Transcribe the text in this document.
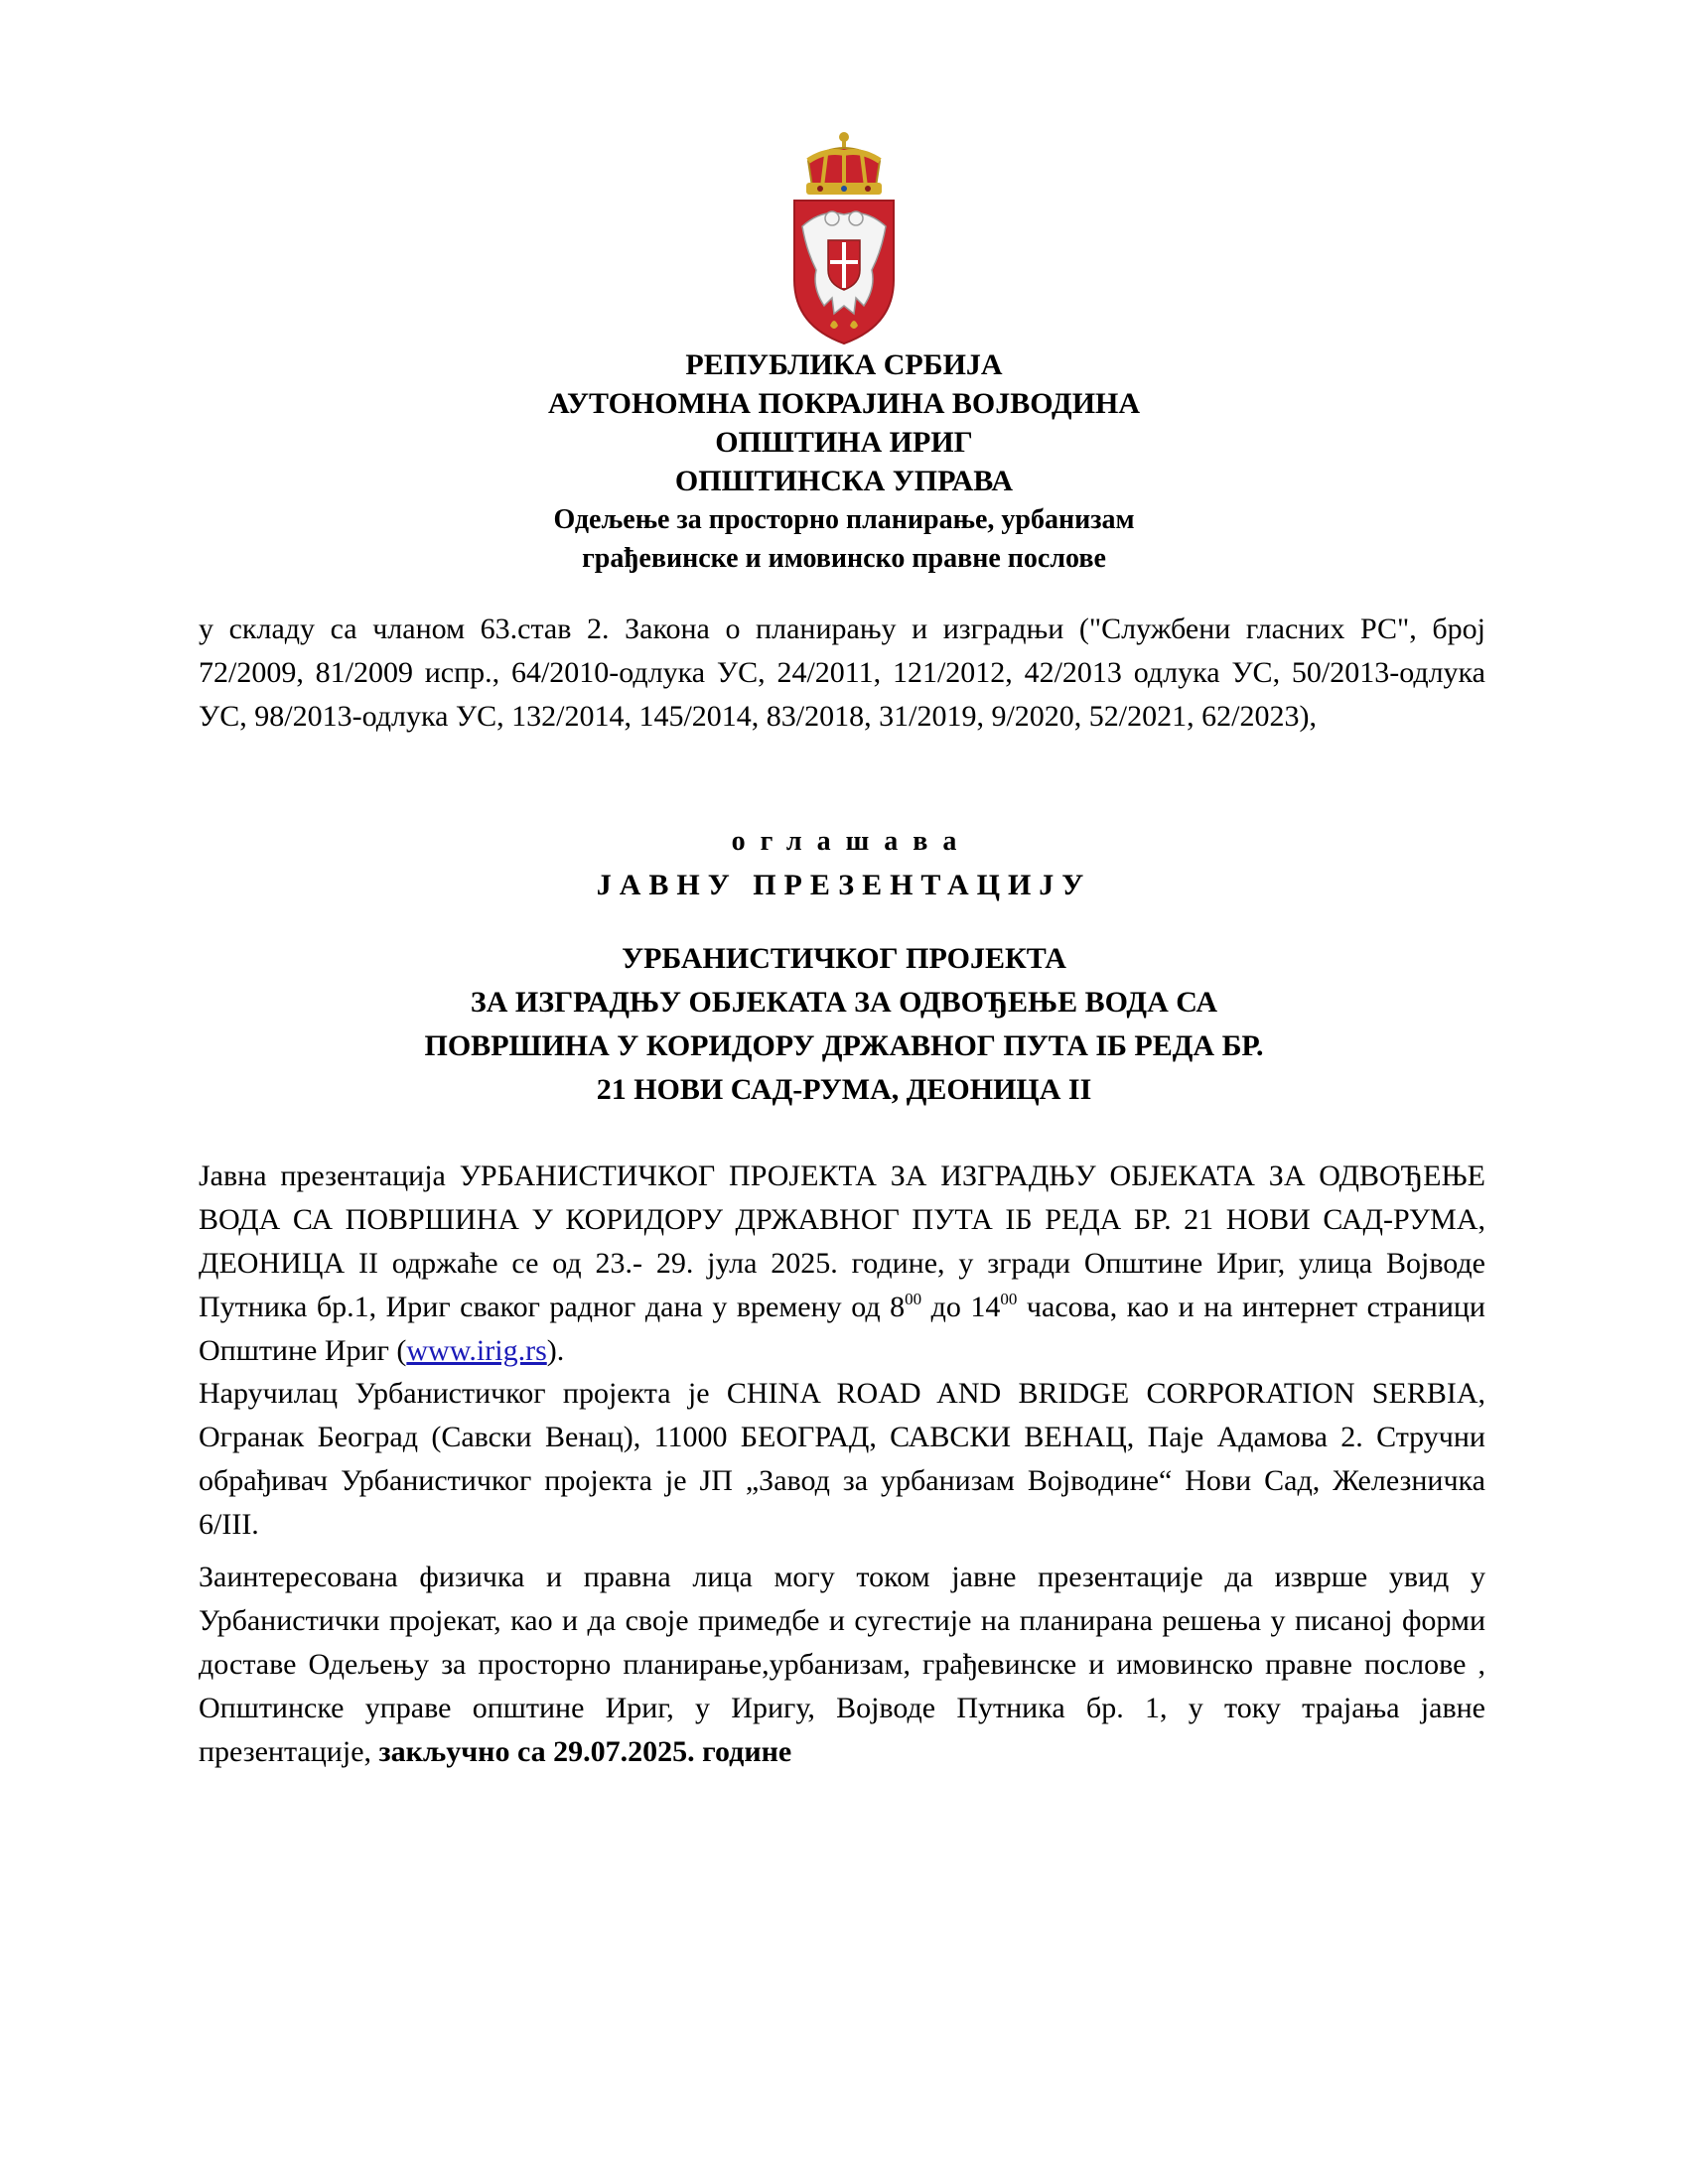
РЕПУБЛИКА СРБИЈА
АУТОНОМНА ПОКРАЈИНА ВОЈВОДИНА
ОПШТИНА ИРИГ
ОПШТИНСКА УПРАВА
Одељење за просторно планирање, урбанизам
грађевинске и имовинско правне послове
у складу са чланом 63.став 2. Закона о планирању и изградњи ("Службени гласних РС", број 72/2009, 81/2009 испр., 64/2010-одлука УС, 24/2011, 121/2012, 42/2013 одлука УС, 50/2013-одлука УС, 98/2013-одлука УС, 132/2014, 145/2014, 83/2018, 31/2019, 9/2020, 52/2021, 62/2023),
оглашава
ЈАВНУ ПРЕЗЕНТАЦИЈУ
УРБАНИСТИЧКОГ ПРОЈЕКТА
ЗА ИЗГРАДЊУ ОБЈЕКАТА ЗА ОДВОЂЕЊЕ ВОДА СА
ПОВРШИНА У КОРИДОРУ ДРЖАВНОГ ПУТА IБ РЕДА БР.
21 НОВИ САД-РУМА, ДЕОНИЦА II
Јавна презентација УРБАНИСТИЧКОГ ПРОЈЕКТА ЗА ИЗГРАДЊУ ОБЈЕКАТА ЗА ОДВОЂЕЊЕ ВОДА СА ПОВРШИНА У КОРИДОРУ ДРЖАВНОГ ПУТА IБ РЕДА БР. 21 НОВИ САД-РУМА, ДЕОНИЦА II одржаће се од 23.- 29. јула 2025. године, у згради Општине Ириг, улица Војводе Путника бр.1, Ириг сваког радног дана у времену од $8^{00}$ до $14^{00}$ часова, као и на интернет страници Општине Ириг (www.irig.rs).
Наручилац Урбанистичког пројекта је CHINA ROAD AND BRIDGE CORPORATION SERBIA, Огранак Београд (Савски Венац), 11000 БЕОГРАД, САВСКИ ВЕНАЦ, Паје Адамова 2. Стручни обрађивач Урбанистичког пројекта је ЈП „Завод за урбанизам Војводине“ Нови Сад, Железничка 6/III.
Заинтересована физичка и правна лица могу током јавне презентације да изврше увид у Урбанистички пројекат, као и да своје примедбе и сугестије на планирана решења у писаној форми доставе Одељењу за просторно планирање,урбанизам, грађевинске и имовинско правне послове , Општинске управе општине Ириг, у Иригу, Војводе Путника бр. 1, у току трајања јавне презентације, закључно са 29.07.2025. године
